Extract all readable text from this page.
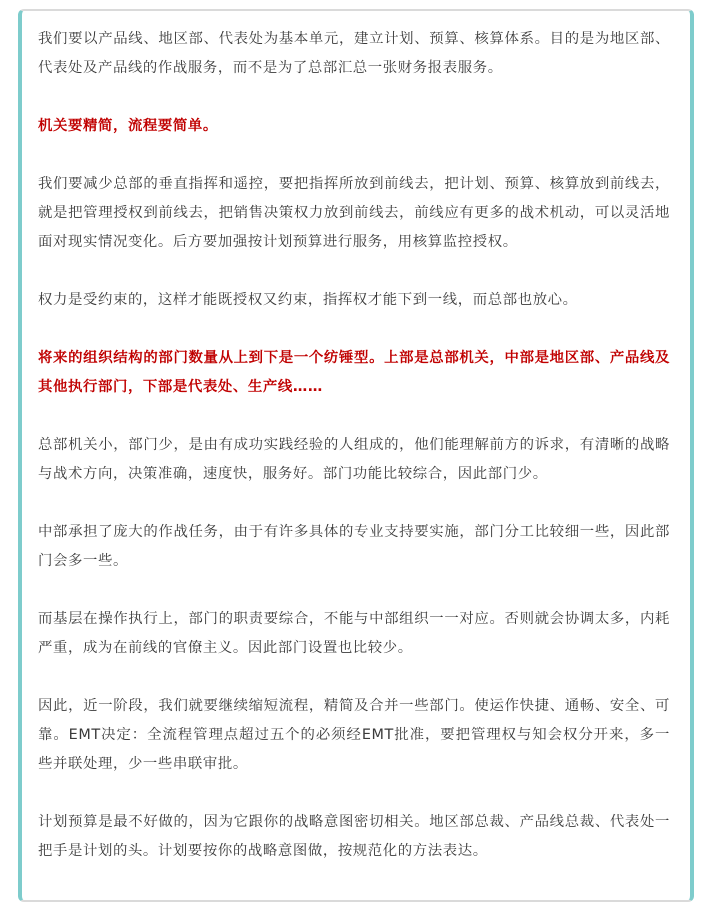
我们要以产品线、地区部、代表处为基本单元，建立计划、预算、核算体系。目的是为地区部、代表处及产品线的作战服务，而不是为了总部汇总一张财务报表服务。

机关要精简，流程要简单。

我们要减少总部的垂直指挥和遥控，要把指挥所放到前线去，把计划、预算、核算放到前线去，就是把管理授权到前线去，把销售决策权力放到前线去，前线应有更多的战术机动，可以灵活地面对现实情况变化。后方要加强按计划预算进行服务，用核算监控授权。

权力是受约束的，这样才能既授权又约束，指挥权才能下到一线，而总部也放心。

将来的组织结构的部门数量从上到下是一个纺锤型。上部是总部机关，中部是地区部、产品线及其他执行部门，下部是代表处、生产线……

总部机关小，部门少，是由有成功实践经验的人组成的，他们能理解前方的诉求，有清晰的战略与战术方向，决策准确，速度快，服务好。部门功能比较综合，因此部门少。

中部承担了庞大的作战任务，由于有许多具体的专业支持要实施，部门分工比较细一些，因此部门会多一些。

而基层在操作执行上，部门的职责要综合，不能与中部组织一一对应。否则就会协调太多，内耗严重，成为在前线的官僚主义。因此部门设置也比较少。

因此，近一阶段，我们就要继续缩短流程，精简及合并一些部门。使运作快捷、通畅、安全、可靠。EMT决定：全流程管理点超过五个的必须经EMT批准，要把管理权与知会权分开来，多一些并联处理，少一些串联审批。

计划预算是最不好做的，因为它跟你的战略意图密切相关。地区部总裁、产品线总裁、代表处一把手是计划的头。计划要按你的战略意图做，按规范化的方法表达。
